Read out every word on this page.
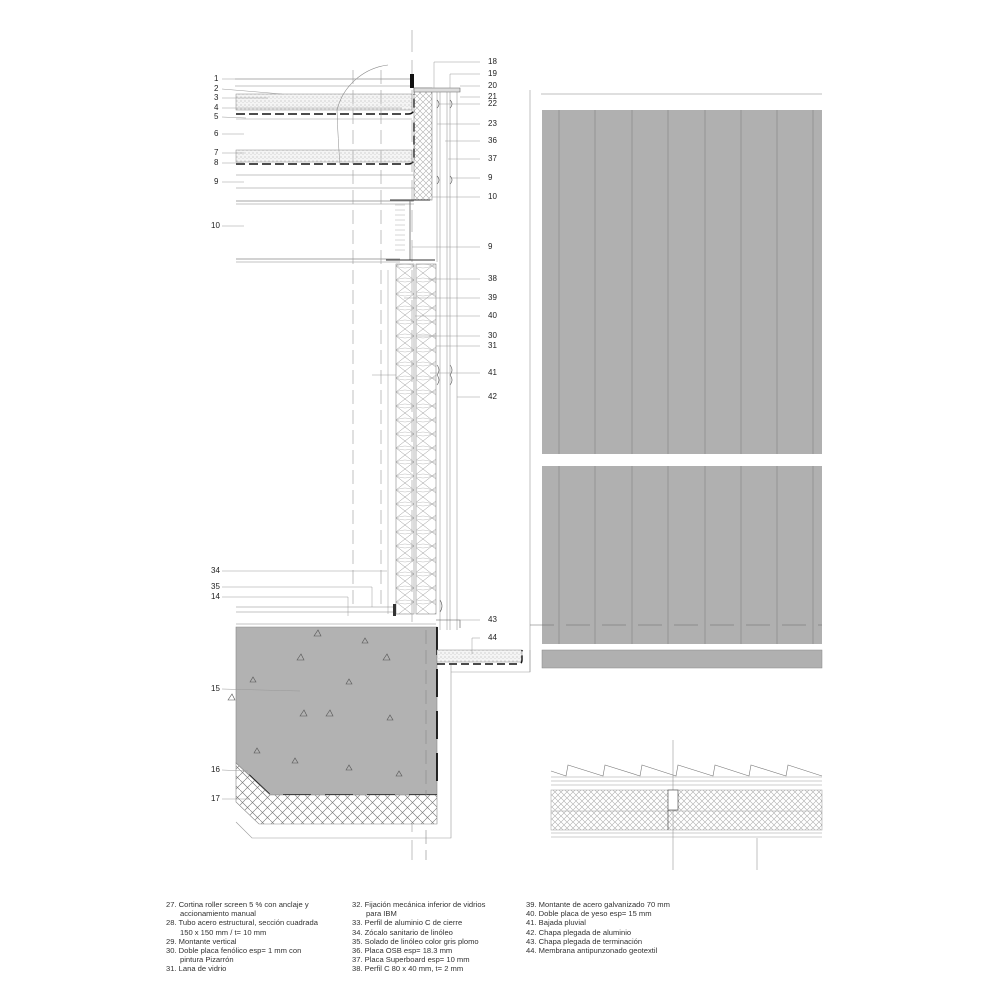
1
2
3
4
5
6
7
8
9
10
34
35
14
15
16
17
18
19
20
21
22
23
36
37
9
10
9
38
39
40
30
31
41
42
43
44
27. Cortina roller screen 5 % con anclaje y
accionamiento manual
28. Tubo acero estructural, sección cuadrada
150 x 150 mm / t= 10 mm
29. Montante vertical
30. Doble placa fenólico esp= 1 mm con
pintura Pizarrón
31. Lana de vidrio
32. Fijación mecánica inferior de vidrios
para IBM
33. Perfil de aluminio C de cierre
34. Zócalo sanitario de linóleo
35. Solado de linóleo color gris plomo
36. Placa OSB esp= 18.3 mm
37. Placa Superboard esp= 10 mm
38. Perfil C 80 x 40 mm, t= 2 mm
39. Montante de acero galvanizado 70 mm
40. Doble placa de yeso esp= 15 mm
41. Bajada pluvial
42. Chapa plegada de aluminio
43. Chapa plegada de terminación
44. Membrana antipunzonado geotextil
